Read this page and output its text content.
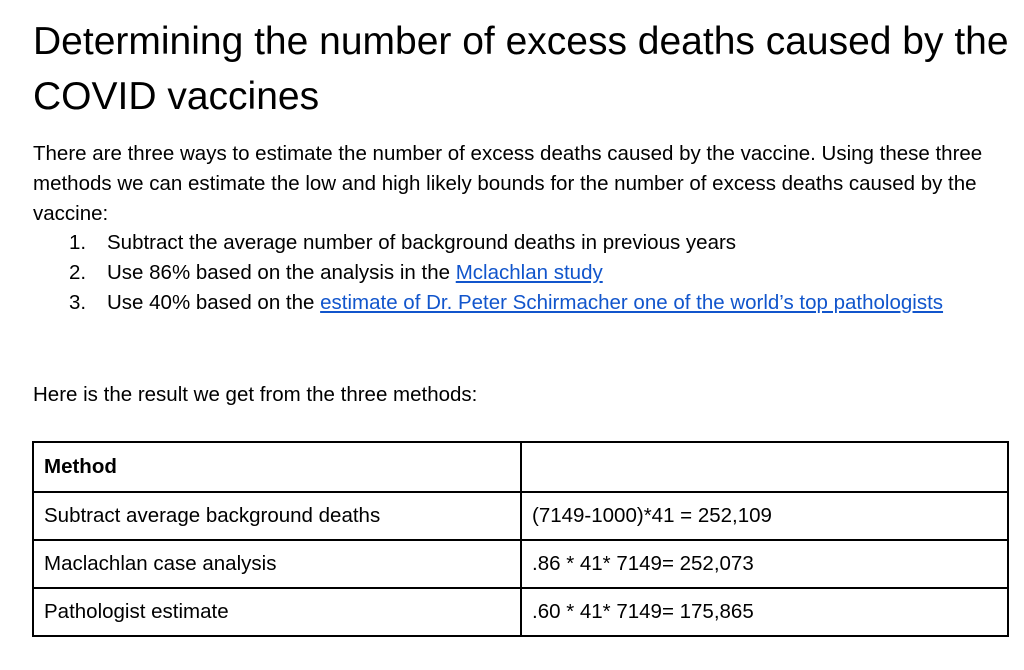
Determining the number of excess deaths caused by the COVID vaccines

There are three ways to estimate the number of excess deaths caused by the vaccine. Using these three methods we can estimate the low and high likely bounds for the number of excess deaths caused by the vaccine:

1. Subtract the average number of background deaths in previous years
2. Use 86% based on the analysis in the Mclachlan study
3. Use 40% based on the estimate of Dr. Peter Schirmacher one of the world’s top pathologists

Here is the result we get from the three methods:

Method	
Subtract average background deaths	(7149-1000)*41 = 252,109
Maclachlan case analysis	.86 * 41* 7149= 252,073
Pathologist estimate	.60 * 41* 7149= 175,865
